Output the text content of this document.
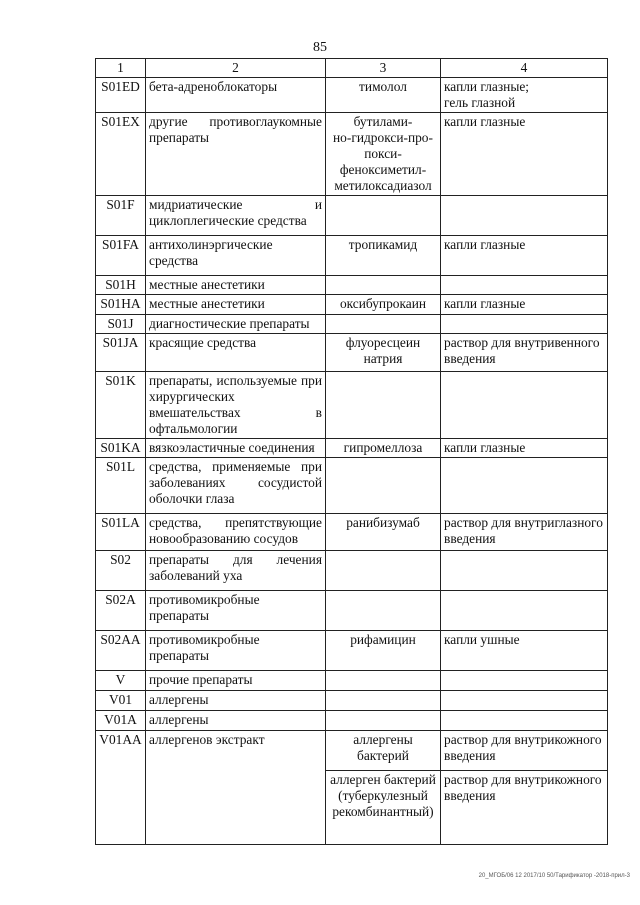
85
1	2	3	4
S01ED	бета-адреноблокаторы	тимолол	капли глазные;
гель глазной
S01EX	другие противоглаукомные препараты	бутилами-
но-гидрокси-про-
покси-феноксиметил-метилоксадиазол	капли глазные
S01F	мидриатические и циклоплегические средства		
S01FA	антихолинэргические средства	тропикамид	капли глазные
S01H	местные анестетики		
S01HA	местные анестетики	оксибупрокаин	капли глазные
S01J	диагностические препараты		
S01JA	красящие средства	флуоресцеин натрия	раствор для внутривенного введения
S01K	препараты, используемые при хирургических вмешательствах в офтальмологии		
S01KA	вязкоэластичные соединения	гипромеллоза	капли глазные
S01L	средства, применяемые при заболеваниях сосудистой оболочки глаза		
S01LA	средства, препятствующие новообразованию сосудов	ранибизумаб	раствор для внутриглазного введения
S02	препараты для лечения заболеваний уха		
S02A	противомикробные препараты		
S02AA	противомикробные препараты	рифамицин	капли ушные
V	прочие препараты		
V01	аллергены		
V01A	аллергены		
V01AA	аллергенов экстракт	аллергены бактерий	раствор для внутрикожного введения
		аллерген бактерий (туберкулезный рекомбинантный)	раствор для внутрикожного введения
20_МГОБ/06 12 2017/10 50/Тарификатор -2018-прил-3
